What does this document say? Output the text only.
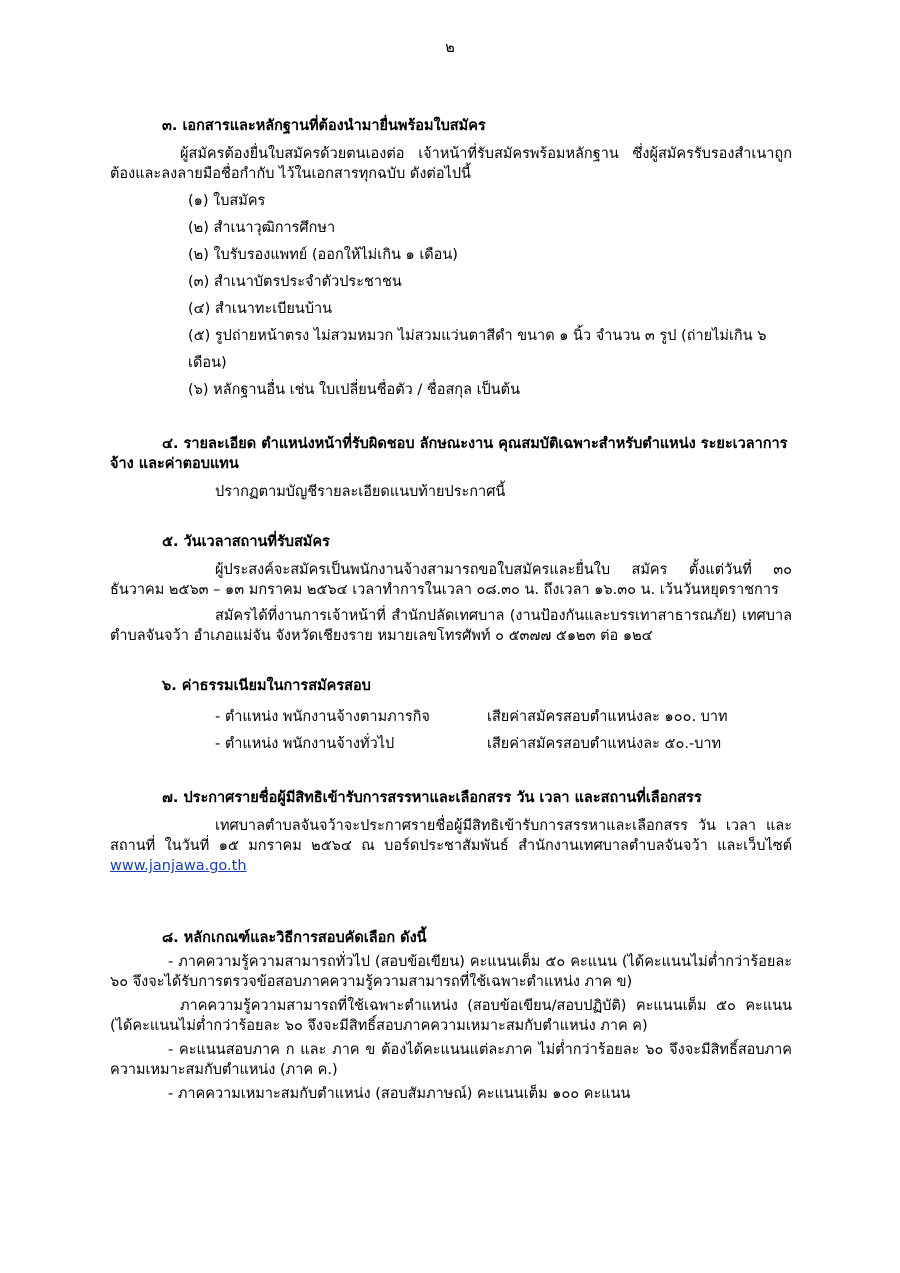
๒

๓. เอกสารและหลักฐานที่ต้องนำมายื่นพร้อมใบสมัคร

ผู้สมัครต้องยื่นใบสมัครด้วยตนเองต่อ เจ้าหน้าที่รับสมัครพร้อมหลักฐาน ซึ่งผู้สมัครรับรองสำเนาถูกต้องและลงลายมือชื่อกำกับ ไว้ในเอกสารทุกฉบับ ดังต่อไปนี้

(๑) ใบสมัคร
(๒) สำเนาวุฒิการศึกษา
(๒) ใบรับรองแพทย์ (ออกให้ไม่เกิน ๑ เดือน)
(๓) สำเนาบัตรประจำตัวประชาชน
(๔) สำเนาทะเบียนบ้าน
(๕) รูปถ่ายหน้าตรง ไม่สวมหมวก ไม่สวมแว่นตาสีดำ ขนาด ๑ นิ้ว จำนวน ๓ รูป (ถ่ายไม่เกิน ๖ เดือน)
(๖) หลักฐานอื่น เช่น ใบเปลี่ยนชื่อตัว / ชื่อสกุล เป็นต้น

๔. รายละเอียด ตำแหน่งหน้าที่รับผิดชอบ ลักษณะงาน คุณสมบัติเฉพาะสำหรับตำแหน่ง ระยะเวลาการจ้าง และค่าตอบแทน

ปรากฏตามบัญชีรายละเอียดแนบท้ายประกาศนี้

๕. วันเวลาสถานที่รับสมัคร

ผู้ประสงค์จะสมัครเป็นพนักงานจ้างสามารถขอใบสมัครและยื่นใบ สมัคร ตั้งแต่วันที่ ๓๐ ธันวาคม ๒๕๖๓ – ๑๓ มกราคม ๒๕๖๔ เวลาทำการในเวลา ๐๘.๓๐ น. ถึงเวลา ๑๖.๓๐ น. เว้นวันหยุดราชการ

สมัครได้ที่งานการเจ้าหน้าที่ สำนักปลัดเทศบาล (งานป้องกันและบรรเทาสาธารณภัย) เทศบาลตำบลจันจว้า อำเภอแม่จัน จังหวัดเชียงราย หมายเลขโทรศัพท์ ๐ ๕๓๗๗ ๕๑๒๓ ต่อ ๑๒๔

๖. ค่าธรรมเนียมในการสมัครสอบ

- ตำแหน่ง พนักงานจ้างตามภารกิจ	เสียค่าสมัครสอบตำแหน่งละ ๑๐๐. บาท
- ตำแหน่ง พนักงานจ้างทั่วไป	เสียค่าสมัครสอบตำแหน่งละ ๕๐.-บาท

๗. ประกาศรายชื่อผู้มีสิทธิเข้ารับการสรรหาและเลือกสรร วัน เวลา และสถานที่เลือกสรร

เทศบาลตำบลจันจว้าจะประกาศรายชื่อผู้มีสิทธิเข้ารับการสรรหาและเลือกสรร วัน เวลา และ สถานที่ ในวันที่ ๑๕ มกราคม ๒๕๖๔ ณ บอร์ดประชาสัมพันธ์ สำนักงานเทศบาลตำบลจันจว้า และเว็บไซต์ www.janjawa.go.th

๘. หลักเกณฑ์และวิธีการสอบคัดเลือก ดังนี้

- ภาคความรู้ความสามารถทั่วไป (สอบข้อเขียน) คะแนนเต็ม ๕๐ คะแนน (ได้คะแนนไม่ต่ำกว่าร้อยละ ๖๐ จึงจะได้รับการตรวจข้อสอบภาคความรู้ความสามารถที่ใช้เฉพาะตำแหน่ง ภาค ข)

ภาคความรู้ความสามารถที่ใช้เฉพาะตำแหน่ง (สอบข้อเขียน/สอบปฏิบัติ) คะแนนเต็ม ๕๐ คะแนน (ได้คะแนนไม่ต่ำกว่าร้อยละ ๖๐ จึงจะมีสิทธิ์สอบภาคความเหมาะสมกับตำแหน่ง ภาค ค)

- คะแนนสอบภาค ก และ ภาค ข ต้องได้คะแนนแต่ละภาค ไม่ต่ำกว่าร้อยละ ๖๐ จึงจะมีสิทธิ์สอบภาคความเหมาะสมกับตำแหน่ง (ภาค ค.)

- ภาคความเหมาะสมกับตำแหน่ง (สอบสัมภาษณ์) คะแนนเต็ม ๑๐๐ คะแนน
